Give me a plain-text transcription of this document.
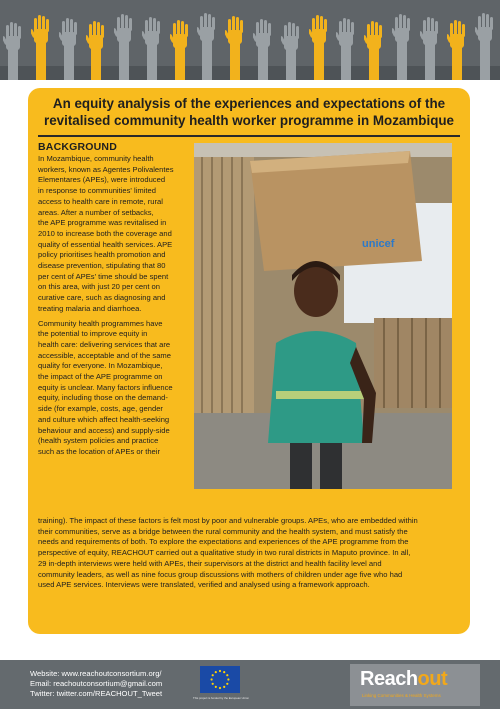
An equity analysis of the experiences and expectations of the
revitalised community health worker programme in Mozambique
BACKGROUND

In Mozambique, community health
workers, known as Agentes Polivalentes
Elementares (APEs), were introduced
in response to communities' limited
access to health care in remote, rural
areas. After a number of setbacks,
the APE programme was revitalised in
2010 to increase both the coverage and
quality of essential health services. APE
policy prioritises health promotion and
disease prevention, stipulating that 80
per cent of APEs' time should be spent
on this area, with just 20 per cent on
curative care, such as diagnosing and
treating malaria and diarrhoea.

Community health programmes have
the potential to improve equity in
health care: delivering services that are
accessible, acceptable and of the same
quality for everyone. In Mozambique,
the impact of the APE programme on
equity is unclear. Many factors influence
equity, including those on the demand-
side (for example, costs, age, gender
and culture which affect health-seeking
behaviour and access) and supply-side
(health system policies and practice
such as the location of APEs or their

unicef
training). The impact of these factors is felt most by poor and vulnerable groups. APEs, who are embedded within
their communities, serve as a bridge between the rural community and the health system, and must satisfy the
needs and requirements of both. To explore the expectations and experiences of the APE programme from the
perspective of equity, REACHOUT carried out a qualitative study in two rural districts in Maputo province. In all,
29 in-depth interviews were held with APEs, their supervisors at the district and health facility level and
community leaders, as well as nine focus group discussions with mothers of children under age five who had
used APE services. Interviews were translated, verified and analysed using a framework approach.
Website: www.reachoutconsortium.org/
Email: reachoutconsortium@gmail.com
Twitter: twitter.com/REACHOUT_Tweet	This project is funded by the European Union
Reachout
Linking Communities & Health Systems
